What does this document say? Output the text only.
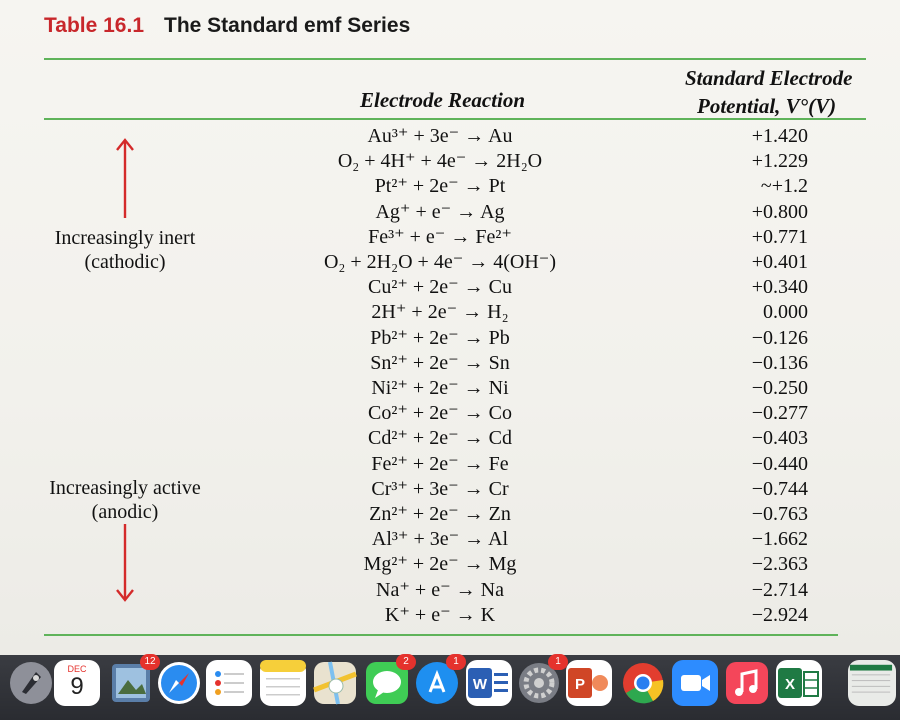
Table 16.1 The Standard emf Series
Electrode Reaction
Standard Electrode
Potential, V°(V)
Au³⁺ + 3e⁻ → Au	+1.420
O₂ + 4H⁺ + 4e⁻ → 2H₂O	+1.229
Pt²⁺ + 2e⁻ → Pt	~+1.2
Ag⁺ + e⁻ → Ag	+0.800
Fe³⁺ + e⁻ → Fe²⁺	+0.771
O₂ + 2H₂O + 4e⁻ → 4(OH⁻)	+0.401
Cu²⁺ + 2e⁻ → Cu	+0.340
2H⁺ + 2e⁻ → H₂	0.000
Pb²⁺ + 2e⁻ → Pb	−0.126
Sn²⁺ + 2e⁻ → Sn	−0.136
Ni²⁺ + 2e⁻ → Ni	−0.250
Co²⁺ + 2e⁻ → Co	−0.277
Cd²⁺ + 2e⁻ → Cd	−0.403
Fe²⁺ + 2e⁻ → Fe	−0.440
Cr³⁺ + 3e⁻ → Cr	−0.744
Zn²⁺ + 2e⁻ → Zn	−0.763
Al³⁺ + 3e⁻ → Al	−1.662
Mg²⁺ + 2e⁻ → Mg	−2.363
Na⁺ + e⁻ → Na	−2.714
K⁺ + e⁻ → K	−2.924
Increasingly inert
(cathodic)
Increasingly active
(anodic)
DEC
9
12	2	1
W
1
P	X
